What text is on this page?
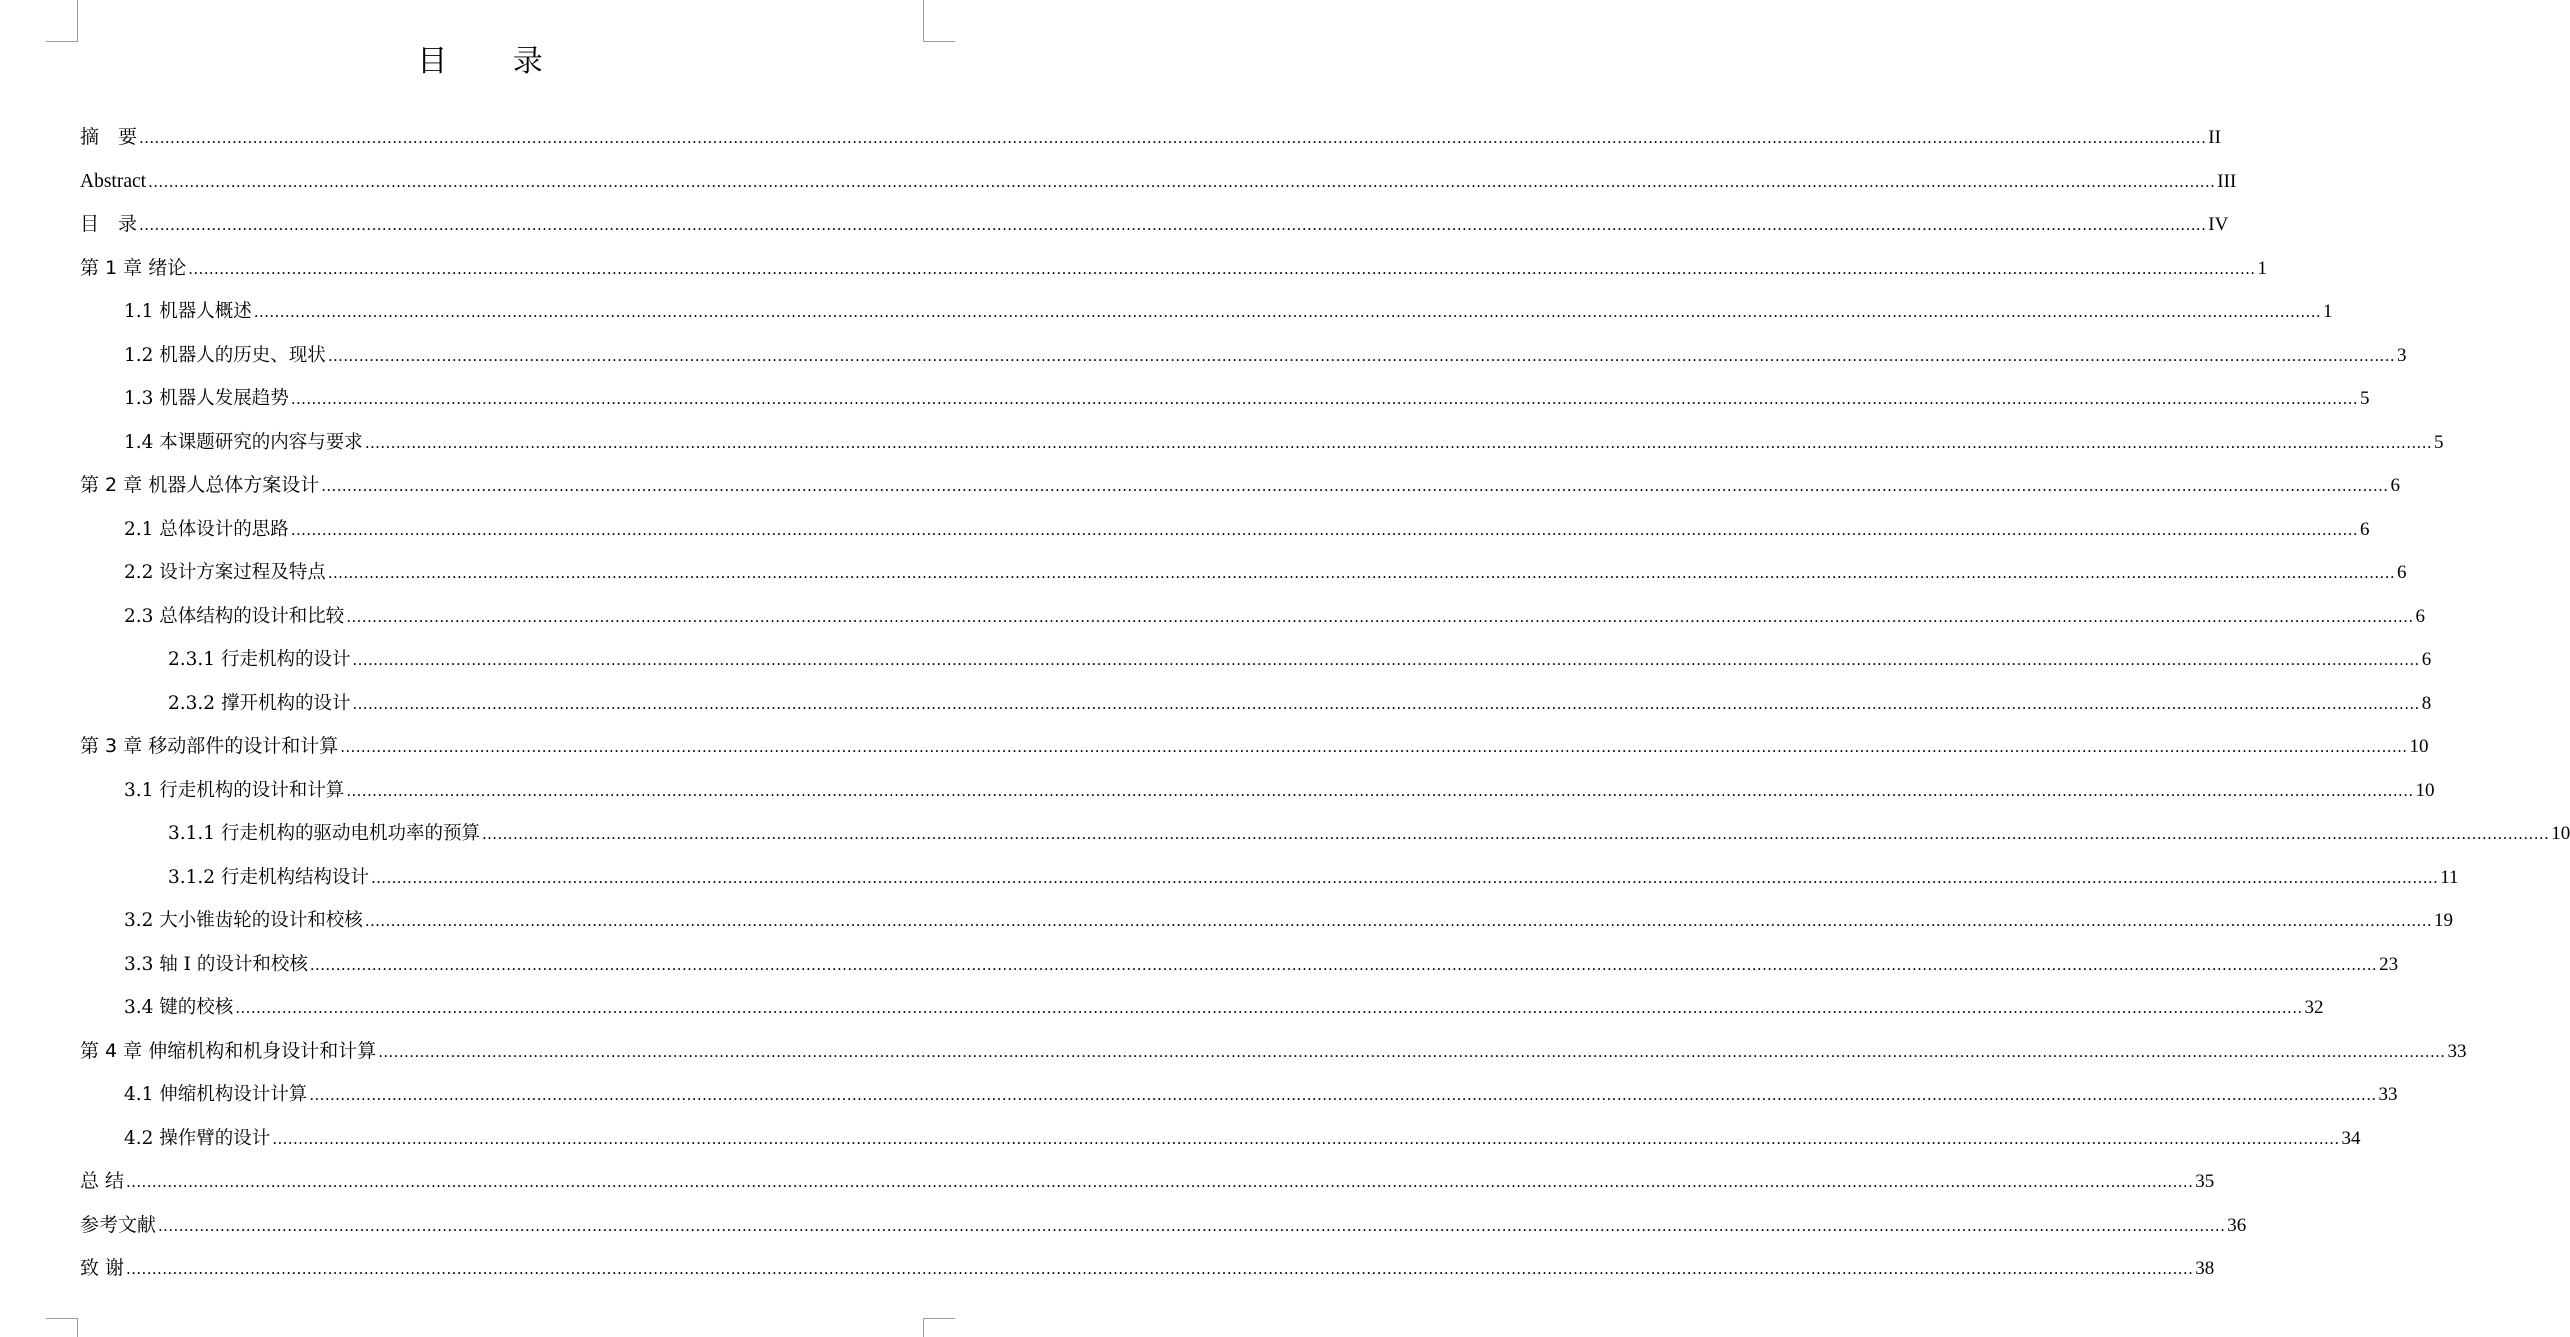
目 录
摘　要 ................................................................................................................................................................................................................................................................................................................................................................................................................ II
Abstract ................................................................................................................................................................................................................................................................................................................................................................................................................ III
目　录 ................................................................................................................................................................................................................................................................................................................................................................................................................ IV
第 1 章 绪论 ................................................................................................................................................................................................................................................................................................................................................................................................................ 1
1.1 机器人概述 ................................................................................................................................................................................................................................................................................................................................................................................................................ 1
1.2 机器人的历史、现状 ................................................................................................................................................................................................................................................................................................................................................................................................................ 3
1.3 机器人发展趋势 ................................................................................................................................................................................................................................................................................................................................................................................................................ 5
1.4 本课题研究的内容与要求 ................................................................................................................................................................................................................................................................................................................................................................................................................ 5
第 2 章 机器人总体方案设计 ................................................................................................................................................................................................................................................................................................................................................................................................................ 6
2.1 总体设计的思路 ................................................................................................................................................................................................................................................................................................................................................................................................................ 6
2.2 设计方案过程及特点 ................................................................................................................................................................................................................................................................................................................................................................................................................ 6
2.3 总体结构的设计和比较 ................................................................................................................................................................................................................................................................................................................................................................................................................ 6
2.3.1 行走机构的设计 ................................................................................................................................................................................................................................................................................................................................................................................................................ 6
2.3.2 撑开机构的设计 ................................................................................................................................................................................................................................................................................................................................................................................................................ 8
第 3 章 移动部件的设计和计算 ................................................................................................................................................................................................................................................................................................................................................................................................................ 10
3.1 行走机构的设计和计算 ................................................................................................................................................................................................................................................................................................................................................................................................................ 10
3.1.1 行走机构的驱动电机功率的预算 ................................................................................................................................................................................................................................................................................................................................................................................................................ 10
3.1.2 行走机构结构设计 ................................................................................................................................................................................................................................................................................................................................................................................................................ 11
3.2 大小锥齿轮的设计和校核 ................................................................................................................................................................................................................................................................................................................................................................................................................ 19
3.3 轴 I 的设计和校核 ................................................................................................................................................................................................................................................................................................................................................................................................................ 23
3.4 键的校核 ................................................................................................................................................................................................................................................................................................................................................................................................................ 32
第 4 章 伸缩机构和机身设计和计算 ................................................................................................................................................................................................................................................................................................................................................................................................................ 33
4.1 伸缩机构设计计算 ................................................................................................................................................................................................................................................................................................................................................................................................................ 33
4.2 操作臂的设计 ................................................................................................................................................................................................................................................................................................................................................................................................................ 34
总 结 ................................................................................................................................................................................................................................................................................................................................................................................................................ 35
参考文献 ................................................................................................................................................................................................................................................................................................................................................................................................................ 36
致 谢 ................................................................................................................................................................................................................................................................................................................................................................................................................ 38
